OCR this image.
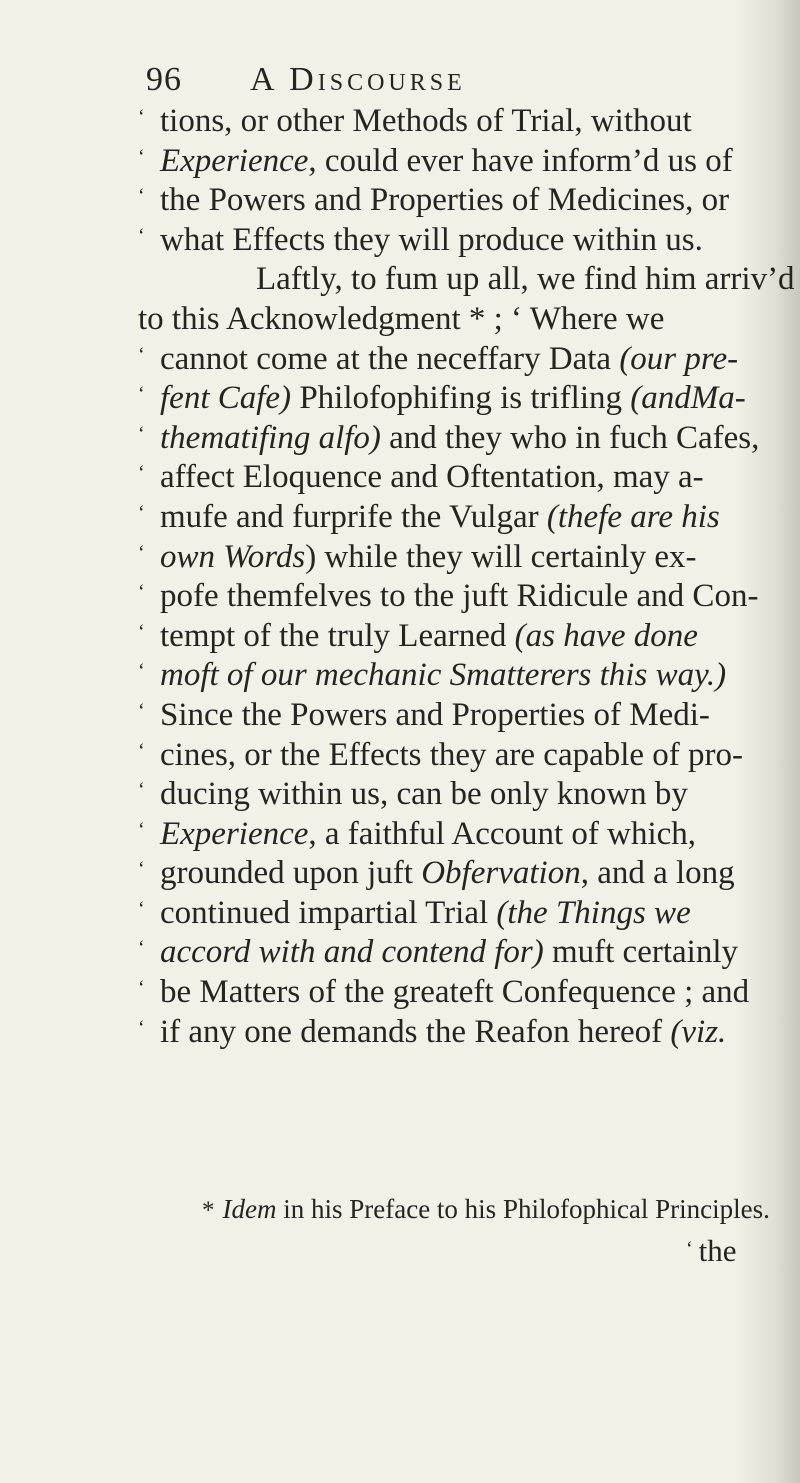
96 A Discourse
‘ tions, or other Methods of Trial, without
‘ Experience, could ever have inform’d us of
‘ the Powers and Properties of Medicines, or
‘ what Effects they will produce within us.
Laftly, to fum up all, we find him arriv’d
to this Acknowledgment * ; ‘ Where we
‘ cannot come at the neceffary Data (our pre-
‘ fent Cafe) Philofophifing is trifling (andMa-
‘ thematifing alfo) and they who in fuch Cafes,
‘ affect Eloquence and Oftentation, may a-
‘ mufe and furprife the Vulgar (thefe are his
‘ own Words) while they will certainly ex-
‘ pofe themfelves to the juft Ridicule and Con-
‘ tempt of the truly Learned (as have done
‘ moft of our mechanic Smatterers this way.)
‘ Since the Powers and Properties of Medi-
‘ cines, or the Effects they are capable of pro-
‘ ducing within us, can be only known by
‘ Experience, a faithful Account of which,
‘ grounded upon juft Obfervation, and a long
‘ continued impartial Trial (the Things we
‘ accord with and contend for) muft certainly
‘ be Matters of the greateft Confequence ; and
‘ if any one demands the Reafon hereof (viz.
* Idem in his Preface to his Philofophical Principles.
‘ the
